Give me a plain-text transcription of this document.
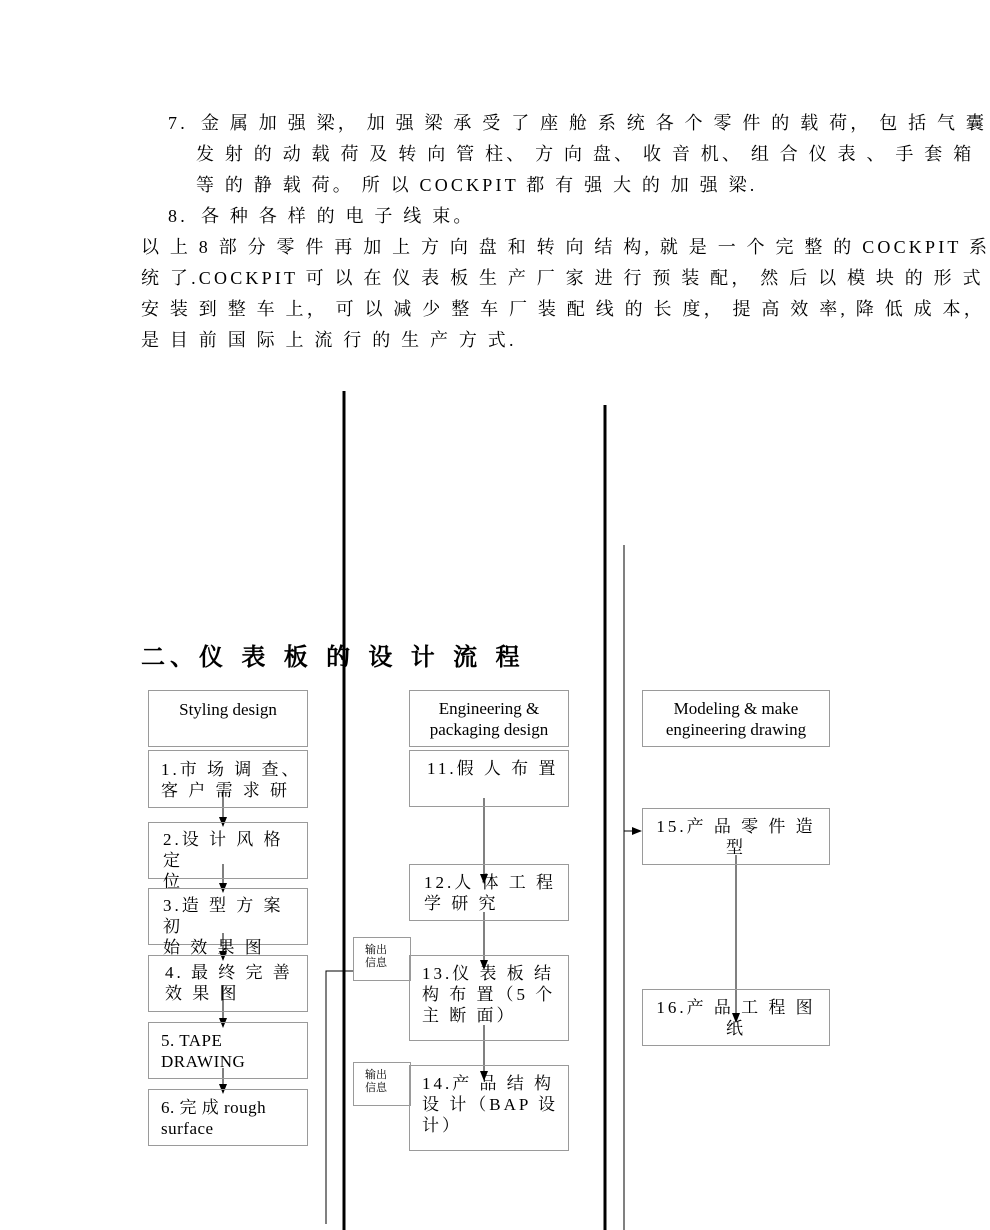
7. 金 属 加 强 梁， 加 强 梁 承 受 了 座 舱 系 统 各 个 零 件 的 载 荷， 包 括 气 囊
发 射 的 动 载 荷 及 转 向 管 柱、 方 向 盘、 收 音 机、 组 合 仪 表 、 手 套 箱
等 的 静 载 荷。 所 以 COCKPIT 都 有 强 大 的 加 强 梁.
8. 各 种 各 样 的 电 子 线 束。
以 上 8 部 分 零 件 再 加 上 方 向 盘 和 转 向 结 构, 就 是 一 个 完 整 的 COCKPIT 系
统 了.COCKPIT 可 以 在 仪 表 板 生 产 厂 家 进 行 预 装 配， 然 后 以 模 块 的 形 式
安 装 到 整 车 上， 可 以 减 少 整 车 厂 装 配 线 的 长 度， 提 高 效 率, 降 低 成 本，
是 目 前 国 际 上 流 行 的 生 产 方 式.
二、仪 表 板 的 设 计 流 程
Styling design	Engineering &
packaging design
Modeling & make
engineering drawing
1.市 场 调 查、
客 户 需 求 研
2.设 计 风 格 定
位
3.造 型 方 案 初
始 效 果 图
4. 最 终 完 善
效 果 图
5. TAPE
DRAWING
6. 完 成 rough
surface
11.假 人 布 置
12.人 体 工 程
学 研 究
13.仪 表 板 结
构 布 置（5 个
主 断 面）
14.产 品 结 构
设 计（BAP 设
计）
输出
信息
输出
信息
15.产 品 零 件 造
型
16.产 品 工 程 图
纸
